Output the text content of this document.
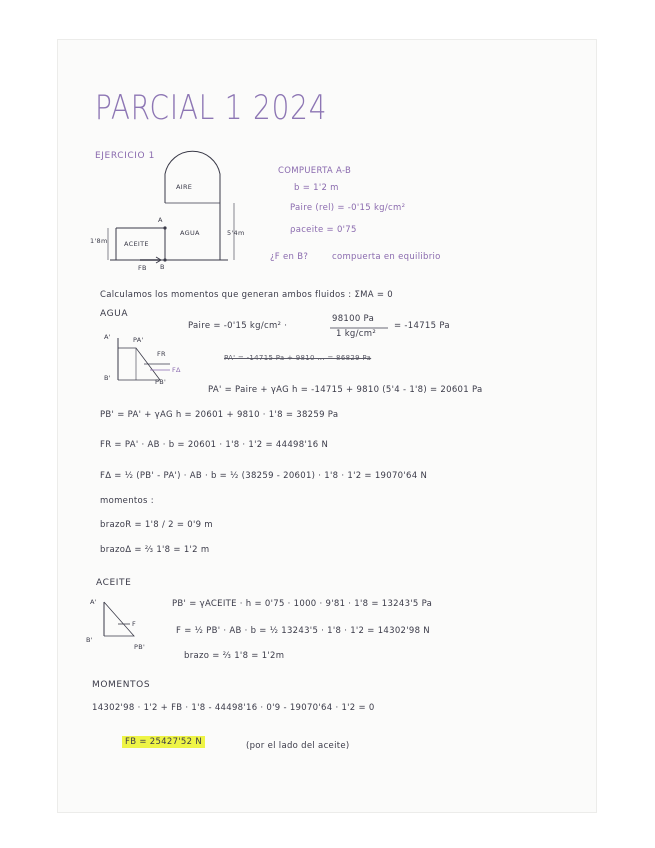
PARCIAL 1 2024
EJERCICIO 1
AIRE
AGUA
ACEITE
1'8m
5'4m
A
B
FB
COMPUERTA A-B
b = 1'2 m
Paire (rel) = -0'15 kg/cm²
ρaceite = 0'75
¿F en B?	compuerta en equilibrio
Calculamos los momentos que generan ambos fluidos : ΣMA = 0
AGUA
Paire = -0'15 kg/cm² ·
98100 Pa
1 kg/cm²
= -14715 Pa
A'
B'
PA'
PB'
FR
FΔ
PA' = -14715 Pa + 9810 ... = 86829 Pa
PA' = Paire + γAG h = -14715 + 9810 (5'4 - 1'8) = 20601 Pa
PB' = PA' + γAG h = 20601 + 9810 · 1'8 = 38259 Pa
FR = PA' · AB · b = 20601 · 1'8 · 1'2 = 44498'16 N
FΔ = ½ (PB' - PA') · AB · b = ½ (38259 - 20601) · 1'8 · 1'2 = 19070'64 N
momentos :
brazoR = 1'8 / 2 = 0'9 m
brazoΔ = ⅔ 1'8 = 1'2 m
ACEITE
A'
B'
F
PB'
PB' = γACEITE · h = 0'75 · 1000 · 9'81 · 1'8 = 13243'5 Pa
F = ½ PB' · AB · b = ½ 13243'5 · 1'8 · 1'2 = 14302'98 N
brazo = ⅔ 1'8 = 1'2m
MOMENTOS
14302'98 · 1'2 + FB · 1'8 - 44498'16 · 0'9 - 19070'64 · 1'2 = 0
FB = 25427'52 N	(por el lado del aceite)
